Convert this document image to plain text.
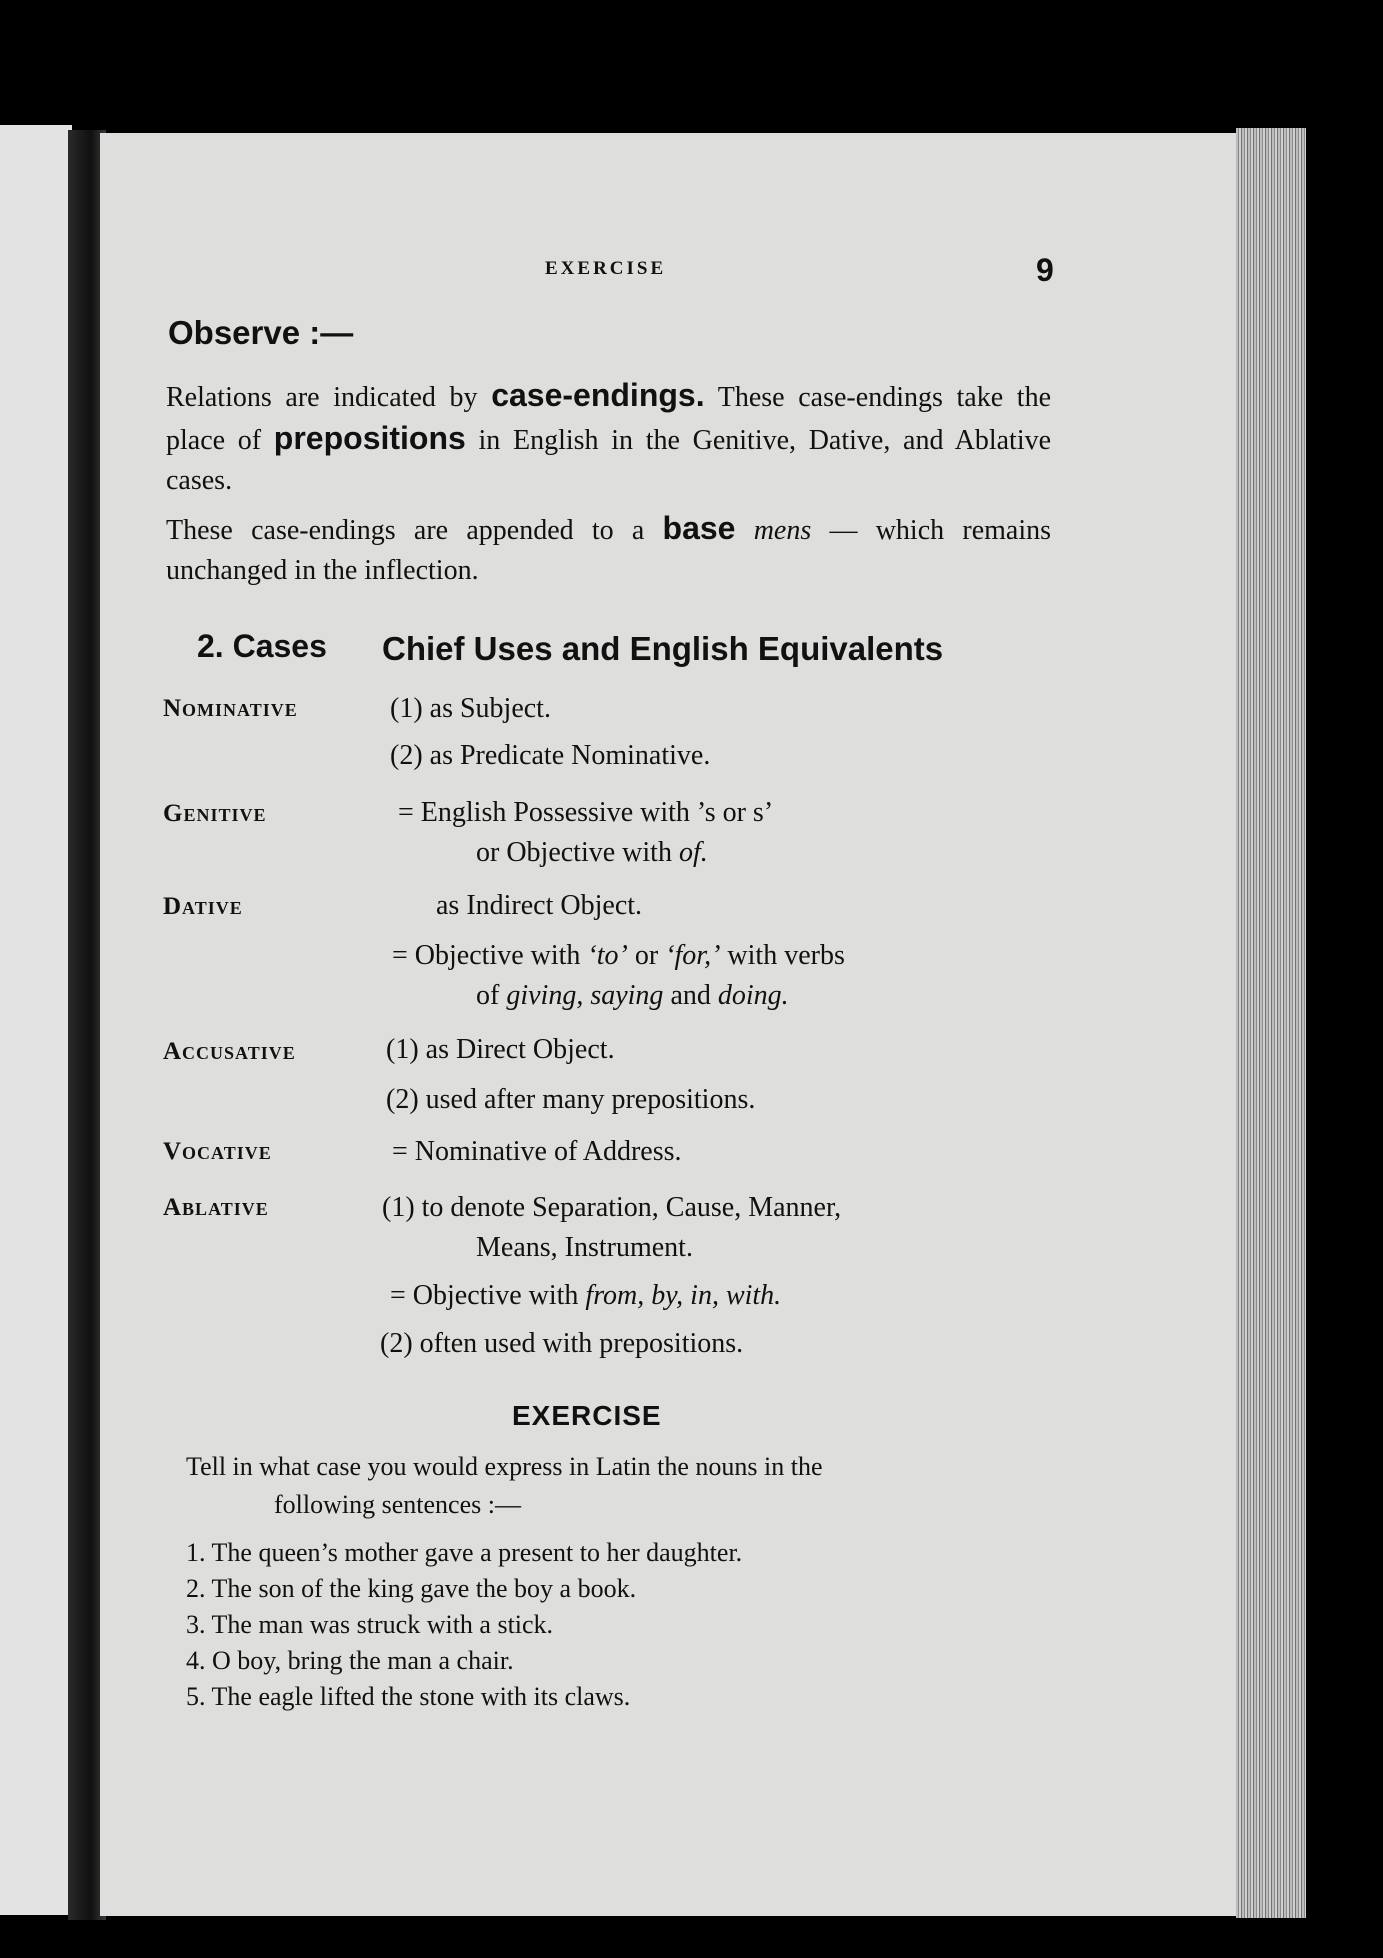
EXERCISE	9
Observe :—
Relations are indicated by case-endings. These case-endings take the place of prepositions in English in the Genitive, Dative, and Ablative cases.
These case-endings are appended to a base mens — which remains unchanged in the inflection.
2. Cases Chief Uses and English Equivalents
Nominative	(1) as Subject.
(2) as Predicate Nominative.
Genitive	= English Possessive with ’s or s’
or Objective with of.
Dative	as Indirect Object.
= Objective with ‘to’ or ‘for,’ with verbs
of giving, saying and doing.
Accusative	(1) as Direct Object.
(2) used after many prepositions.
Vocative	= Nominative of Address.
Ablative	(1) to denote Separation, Cause, Manner,
Means, Instrument.
= Objective with from, by, in, with.
(2) often used with prepositions.
EXERCISE
Tell in what case you would express in Latin the nouns in the
following sentences :—
1. The queen’s mother gave a present to her daughter.
2. The son of the king gave the boy a book.
3. The man was struck with a stick.
4. O boy, bring the man a chair.
5. The eagle lifted the stone with its claws.
